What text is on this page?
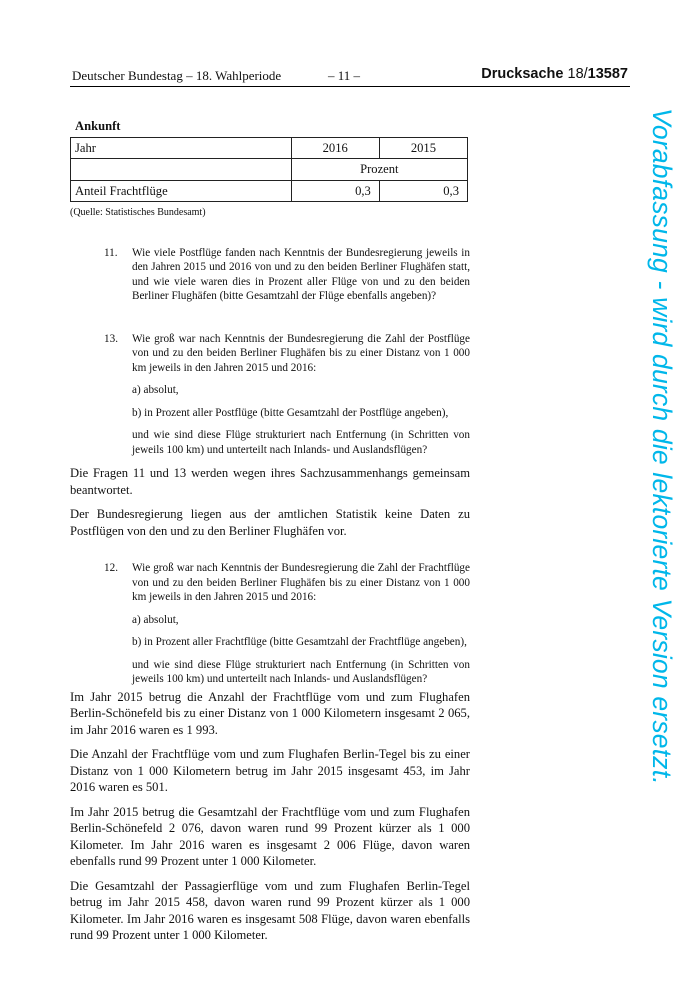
Deutscher Bundestag – 18. Wahlperiode	– 11 –	Drucksache 18/13587
Ankunft
Jahr	2016	2015
	Prozent	
Anteil Frachtflüge	0,3	0,3
(Quelle: Statistisches Bundesamt)
11. Wie viele Postflüge fanden nach Kenntnis der Bundesregierung jeweils in den Jahren 2015 und 2016 von und zu den beiden Berliner Flughäfen statt, und wie viele waren dies in Prozent aller Flüge von und zu den beiden Berliner Flughäfen (bitte Gesamtzahl der Flüge ebenfalls angeben)?

13. Wie groß war nach Kenntnis der Bundesregierung die Zahl der Postflüge von und zu den beiden Berliner Flughäfen bis zu einer Distanz von 1 000 km jeweils in den Jahren 2015 und 2016:

a) absolut,

b) in Prozent aller Postflüge (bitte Gesamtzahl der Postflüge angeben),

und wie sind diese Flüge strukturiert nach Entfernung (in Schritten von jeweils 100 km) und unterteilt nach Inlands- und Auslandsflügen?

Die Fragen 11 und 13 werden wegen ihres Sachzusammenhangs gemeinsam beantwortet.

Der Bundesregierung liegen aus der amtlichen Statistik keine Daten zu Postflügen von den und zu den Berliner Flughäfen vor.

12. Wie groß war nach Kenntnis der Bundesregierung die Zahl der Frachtflüge von und zu den beiden Berliner Flughäfen bis zu einer Distanz von 1 000 km jeweils in den Jahren 2015 und 2016:

a) absolut,

b) in Prozent aller Frachtflüge (bitte Gesamtzahl der Frachtflüge angeben),

und wie sind diese Flüge strukturiert nach Entfernung (in Schritten von jeweils 100 km) und unterteilt nach Inlands- und Auslandsflügen?

Im Jahr 2015 betrug die Anzahl der Frachtflüge vom und zum Flughafen Berlin-Schönefeld bis zu einer Distanz von 1 000 Kilometern insgesamt 2 065, im Jahr 2016 waren es 1 993.

Die Anzahl der Frachtflüge vom und zum Flughafen Berlin-Tegel bis zu einer Distanz von 1 000 Kilometern betrug im Jahr 2015 insgesamt 453, im Jahr 2016 waren es 501.

Im Jahr 2015 betrug die Gesamtzahl der Frachtflüge vom und zum Flughafen Berlin-Schönefeld 2 076, davon waren rund 99 Prozent kürzer als 1 000 Kilometer. Im Jahr 2016 waren es insgesamt 2 006 Flüge, davon waren ebenfalls rund 99 Prozent unter 1 000 Kilometer.

Die Gesamtzahl der Passagierflüge vom und zum Flughafen Berlin-Tegel betrug im Jahr 2015 458, davon waren rund 99 Prozent kürzer als 1 000 Kilometer. Im Jahr 2016 waren es insgesamt 508 Flüge, davon waren ebenfalls rund 99 Prozent unter 1 000 Kilometer.

Vorabfassung - wird durch die lektorierte Version ersetzt.
